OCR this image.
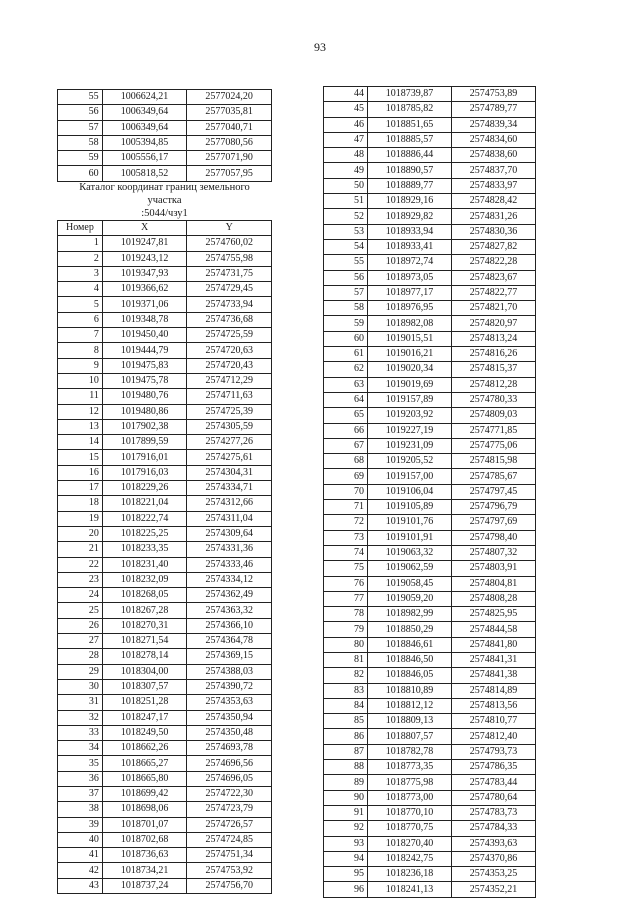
93
55	1006624,21	2577024,20
56	1006349,64	2577035,81
57	1006349,64	2577040,71
58	1005394,85	2577080,56
59	1005556,17	2577071,90
60	1005818,52	2577057,95
Каталог координат границ земельного
участка
:5044/чзу1
Номер	X	Y
1	1019247,81	2574760,02
2	1019243,12	2574755,98
3	1019347,93	2574731,75
4	1019366,62	2574729,45
5	1019371,06	2574733,94
6	1019348,78	2574736,68
7	1019450,40	2574725,59
8	1019444,79	2574720,63
9	1019475,83	2574720,43
10	1019475,78	2574712,29
11	1019480,76	2574711,63
12	1019480,86	2574725,39
13	1017902,38	2574305,59
14	1017899,59	2574277,26
15	1017916,01	2574275,61
16	1017916,03	2574304,31
17	1018229,26	2574334,71
18	1018221,04	2574312,66
19	1018222,74	2574311,04
20	1018225,25	2574309,64
21	1018233,35	2574331,36
22	1018231,40	2574333,46
23	1018232,09	2574334,12
24	1018268,05	2574362,49
25	1018267,28	2574363,32
26	1018270,31	2574366,10
27	1018271,54	2574364,78
28	1018278,14	2574369,15
29	1018304,00	2574388,03
30	1018307,57	2574390,72
31	1018251,28	2574353,63
32	1018247,17	2574350,94
33	1018249,50	2574350,48
34	1018662,26	2574693,78
35	1018665,27	2574696,56
36	1018665,80	2574696,05
37	1018699,42	2574722,30
38	1018698,06	2574723,79
39	1018701,07	2574726,57
40	1018702,68	2574724,85
41	1018736,63	2574751,34
42	1018734,21	2574753,92
43	1018737,24	2574756,70
44	1018739,87	2574753,89
45	1018785,82	2574789,77
46	1018851,65	2574839,34
47	1018885,57	2574834,60
48	1018886,44	2574838,60
49	1018890,57	2574837,70
50	1018889,77	2574833,97
51	1018929,16	2574828,42
52	1018929,82	2574831,26
53	1018933,94	2574830,36
54	1018933,41	2574827,82
55	1018972,74	2574822,28
56	1018973,05	2574823,67
57	1018977,17	2574822,77
58	1018976,95	2574821,70
59	1018982,08	2574820,97
60	1019015,51	2574813,24
61	1019016,21	2574816,26
62	1019020,34	2574815,37
63	1019019,69	2574812,28
64	1019157,89	2574780,33
65	1019203,92	2574809,03
66	1019227,19	2574771,85
67	1019231,09	2574775,06
68	1019205,52	2574815,98
69	1019157,00	2574785,67
70	1019106,04	2574797,45
71	1019105,89	2574796,79
72	1019101,76	2574797,69
73	1019101,91	2574798,40
74	1019063,32	2574807,32
75	1019062,59	2574803,91
76	1019058,45	2574804,81
77	1019059,20	2574808,28
78	1018982,99	2574825,95
79	1018850,29	2574844,58
80	1018846,61	2574841,80
81	1018846,50	2574841,31
82	1018846,05	2574841,38
83	1018810,89	2574814,89
84	1018812,12	2574813,56
85	1018809,13	2574810,77
86	1018807,57	2574812,40
87	1018782,78	2574793,73
88	1018773,35	2574786,35
89	1018775,98	2574783,44
90	1018773,00	2574780,64
91	1018770,10	2574783,73
92	1018770,75	2574784,33
93	1018270,40	2574393,63
94	1018242,75	2574370,86
95	1018236,18	2574353,25
96	1018241,13	2574352,21
